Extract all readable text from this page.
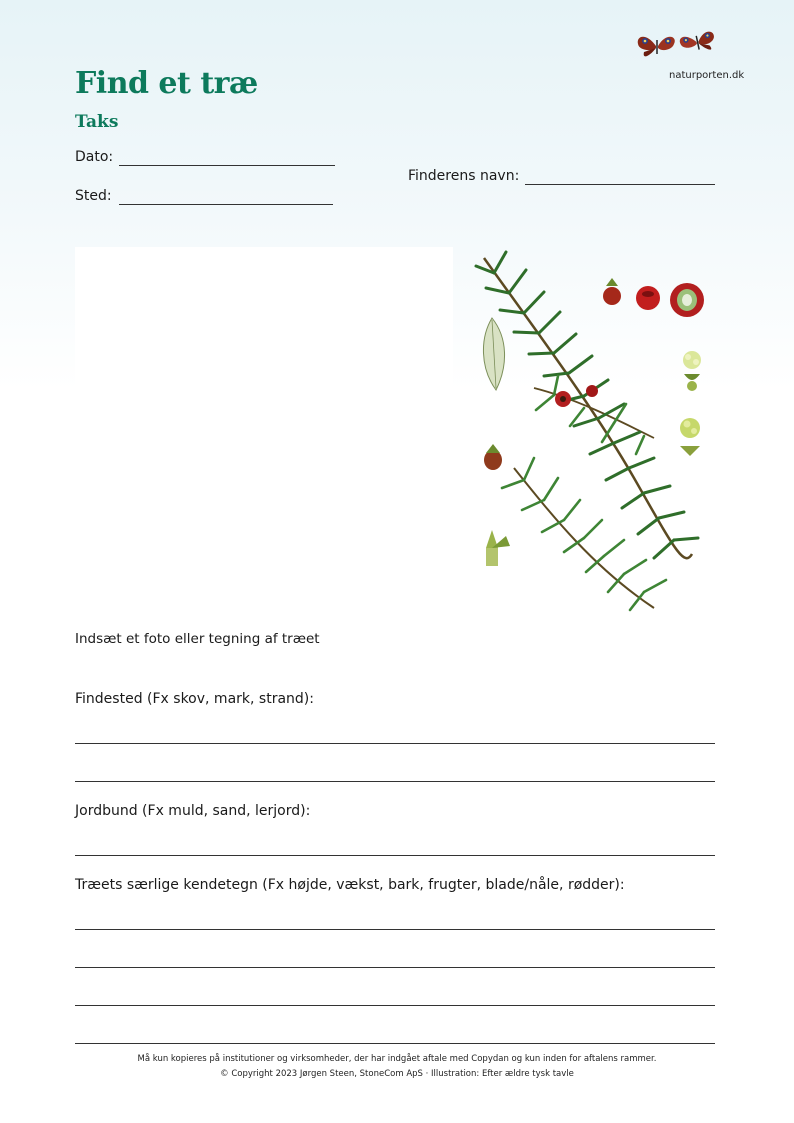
naturporten.dk
Find et træ
Taks
Dato:
Sted:
Finderens navn:
Indsæt et foto eller tegning af træet
Findested (Fx skov, mark, strand):
Jordbund (Fx muld, sand, lerjord):
Træets særlige kendetegn (Fx højde, vækst, bark, frugter, blade/nåle, rødder):
Må kun kopieres på institutioner og virksomheder, der har indgået aftale med Copydan og kun inden for aftalens rammer.
© Copyright 2023 Jørgen Steen, StoneCom ApS · Illustration: Efter ældre tysk tavle
